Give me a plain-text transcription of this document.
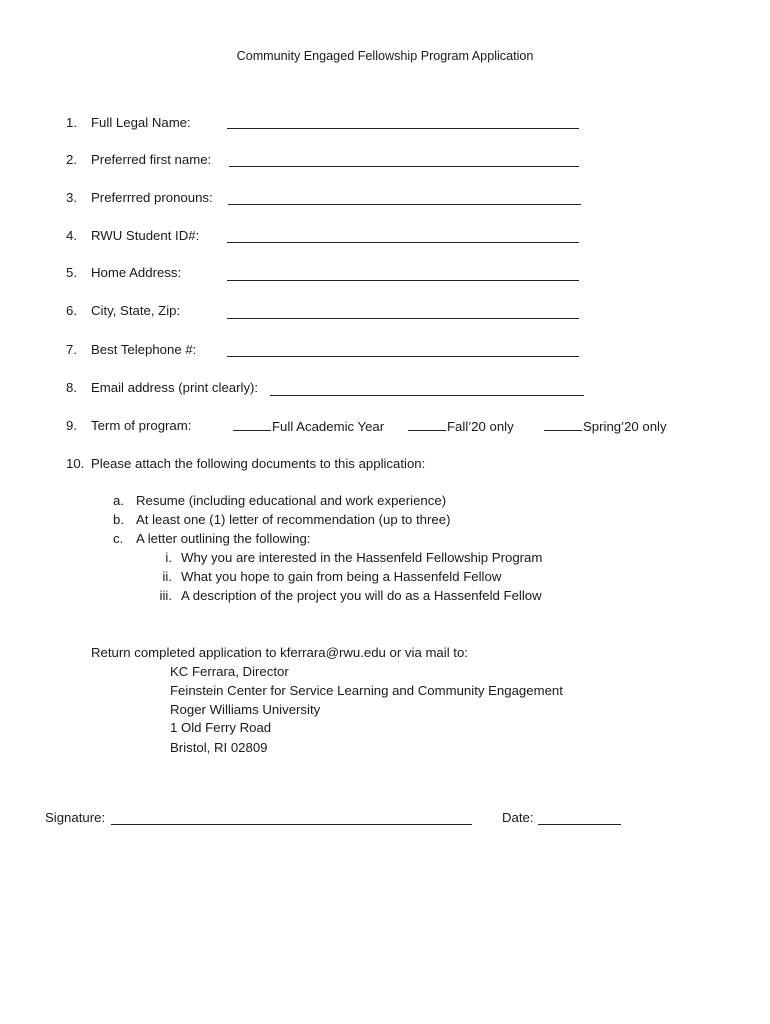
Community Engaged Fellowship Program Application
1. Full Legal Name:
2. Preferred first name:
3. Preferrred pronouns:
4. RWU Student ID#:
5. Home Address:
6. City, State, Zip:
7. Best Telephone #:
8. Email address (print clearly):
9. Term of program:	Full Academic Year	Fall’20 only	Spring’20 only
10. Please attach the following documents to this application:
a. Resume (including educational and work experience)
b. At least one (1) letter of recommendation (up to three)
c. A letter outlining the following:
i. Why you are interested in the Hassenfeld Fellowship Program
ii. What you hope to gain from being a Hassenfeld Fellow
iii. A description of the project you will do as a Hassenfeld Fellow
Return completed application to kferrara@rwu.edu or via mail to:
KC Ferrara, Director
Feinstein Center for Service Learning and Community Engagement
Roger Williams University
1 Old Ferry Road
Bristol, RI 02809
Signature:	Date:
